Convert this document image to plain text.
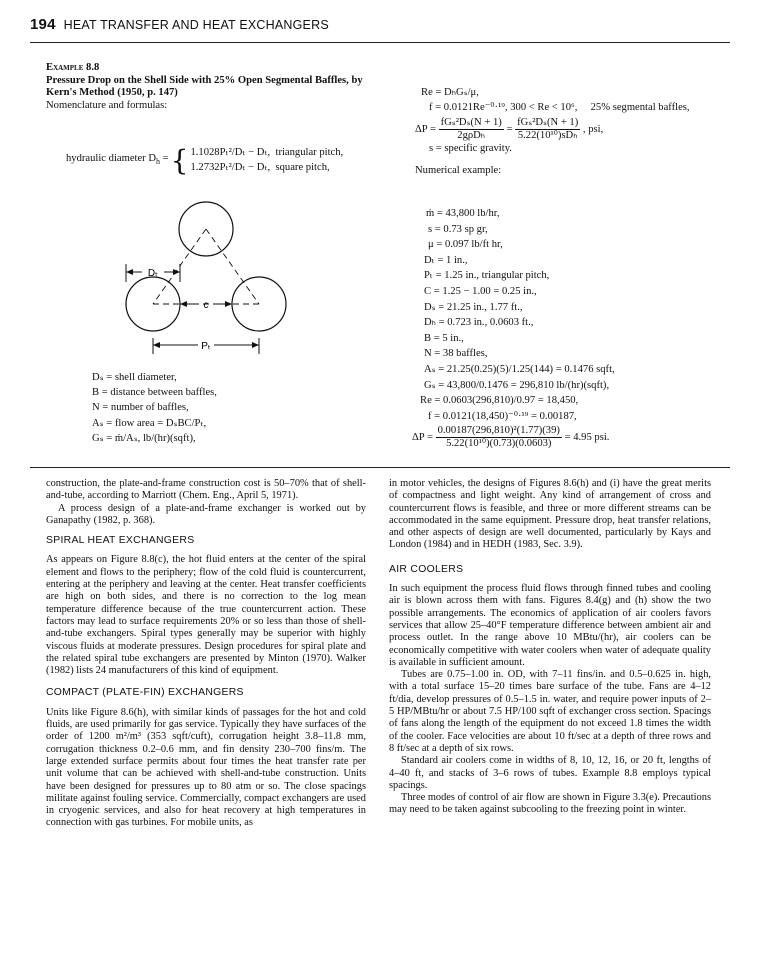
194 HEAT TRANSFER AND HEAT EXCHANGERS
Example 8.8
Pressure Drop on the Shell Side with 25% Open Segmental Baffles, by Kern's Method (1950, p. 147)
Nomenclature and formulas:
hydraulic diameter $D_h$ = { 1.1028Pₜ²/Dₜ − Dₜ, triangular pitch,
1.2732Pₜ²/Dₜ − Dₜ, square pitch,
Dₜ
c
Pₜ
Dₛ = shell diameter,
B = distance between baffles,
N = number of baffles,
Aₛ = flow area = DₛBC/Pₜ,
Gₛ = ṁ/Aₛ, lb/(hr)(sqft),
Re = DₕGₛ/μ,
f = 0.0121Re⁻⁰·¹⁹, 300 < Re < 10⁶, 25% segmental baffles,
$\Delta P = \frac{\text{fGₛ²Dₛ(N + 1)}}{\text{2gρDₕ}} = \frac{\text{fGₛ²Dₛ(N + 1)}}{\text{5.22(10¹⁰)sDₕ}}$ , psi,
s = specific gravity.
Numerical example:
ṁ = 43,800 lb/hr,
s = 0.73 sp gr,
μ = 0.097 lb/ft hr,
Dₜ = 1 in.,
Pₜ = 1.25 in., triangular pitch,
C = 1.25 − 1.00 = 0.25 in.,
Dₛ = 21.25 in., 1.77 ft.,
Dₕ = 0.723 in., 0.0603 ft.,
B = 5 in.,
N = 38 baffles,
Aₛ = 21.25(0.25)(5)/1.25(144) = 0.1476 sqft,
Gₛ = 43,800/0.1476 = 296,810 lb/(hr)(sqft),
Re = 0.0603(296,810)/0.97 = 18,450,
f = 0.0121(18,450)⁻⁰·¹⁹ = 0.00187,
$\Delta P = \frac{\text{0.00187(296,810)²(1.77)(39)}}{\text{5.22(10¹⁰)(0.73)(0.0603)}} = 4.95$ psi.

construction, the plate-and-frame construction cost is 50–70% that of shell-and-tube, according to Marriott (Chem. Eng., April 5, 1971).

A process design of a plate-and-frame exchanger is worked out by Ganapathy (1982, p. 368).

SPIRAL HEAT EXCHANGERS

As appears on Figure 8.8(c), the hot fluid enters at the center of the spiral element and flows to the periphery; flow of the cold fluid is countercurrent, entering at the periphery and leaving at the center. Heat transfer coefficients are high on both sides, and there is no correction to the log mean temperature difference because of the true countercurrent action. These factors may lead to surface requirements 20% or so less than those of shell-and-tube exchangers. Spiral types generally may be superior with highly viscous fluids at moderate pressures. Design procedures for spiral plate and the related spiral tube exchangers are presented by Minton (1970). Walker (1982) lists 24 manufacturers of this kind of equipment.

COMPACT (PLATE-FIN) EXCHANGERS

Units like Figure 8.6(h), with similar kinds of passages for the hot and cold fluids, are used primarily for gas service. Typically they have surfaces of the order of 1200 m²/m³ (353 sqft/cuft), corrugation height 3.8–11.8 mm, corrugation thickness 0.2–0.6 mm, and fin density 230–700 fins/m. The large extended surface permits about four times the heat transfer rate per unit volume that can be achieved with shell-and-tube construction. Units have been designed for pressures up to 80 atm or so. The close spacings militate against fouling service. Commercially, compact exchangers are used in cryogenic services, and also for heat recovery at high temperatures in connection with gas turbines. For mobile units, as

in motor vehicles, the designs of Figures 8.6(h) and (i) have the great merits of compactness and light weight. Any kind of arrangement of cross and countercurrent flows is feasible, and three or more different streams can be accommodated in the same equipment. Pressure drop, heat transfer relations, and other aspects of design are well documented, particularly by Kays and London (1984) and in HEDH (1983, Sec. 3.9).

AIR COOLERS

In such equipment the process fluid flows through finned tubes and cooling air is blown across them with fans. Figures 8.4(g) and (h) show the two possible arrangements. The economics of application of air coolers favors services that allow 25–40°F temperature difference between ambient air and process outlet. In the range above 10 MBtu/(hr), air coolers can be economically competitive with water coolers when water of adequate quality is available in sufficient amount.

Tubes are 0.75–1.00 in. OD, with 7–11 fins/in. and 0.5–0.625 in. high, with a total surface 15–20 times bare surface of the tube. Fans are 4–12 ft/dia, develop pressures of 0.5–1.5 in. water, and require power inputs of 2–5 HP/MBtu/hr or about 7.5 HP/100 sqft of exchanger cross section. Spacings of fans along the length of the equipment do not exceed 1.8 times the width of the cooler. Face velocities are about 10 ft/sec at a depth of three rows and 8 ft/sec at a depth of six rows.

Standard air coolers come in widths of 8, 10, 12, 16, or 20 ft, lengths of 4–40 ft, and stacks of 3–6 rows of tubes. Example 8.8 employs typical spacings.

Three modes of control of air flow are shown in Figure 3.3(e). Precautions may need to be taken against subcooling to the freezing point in winter.
